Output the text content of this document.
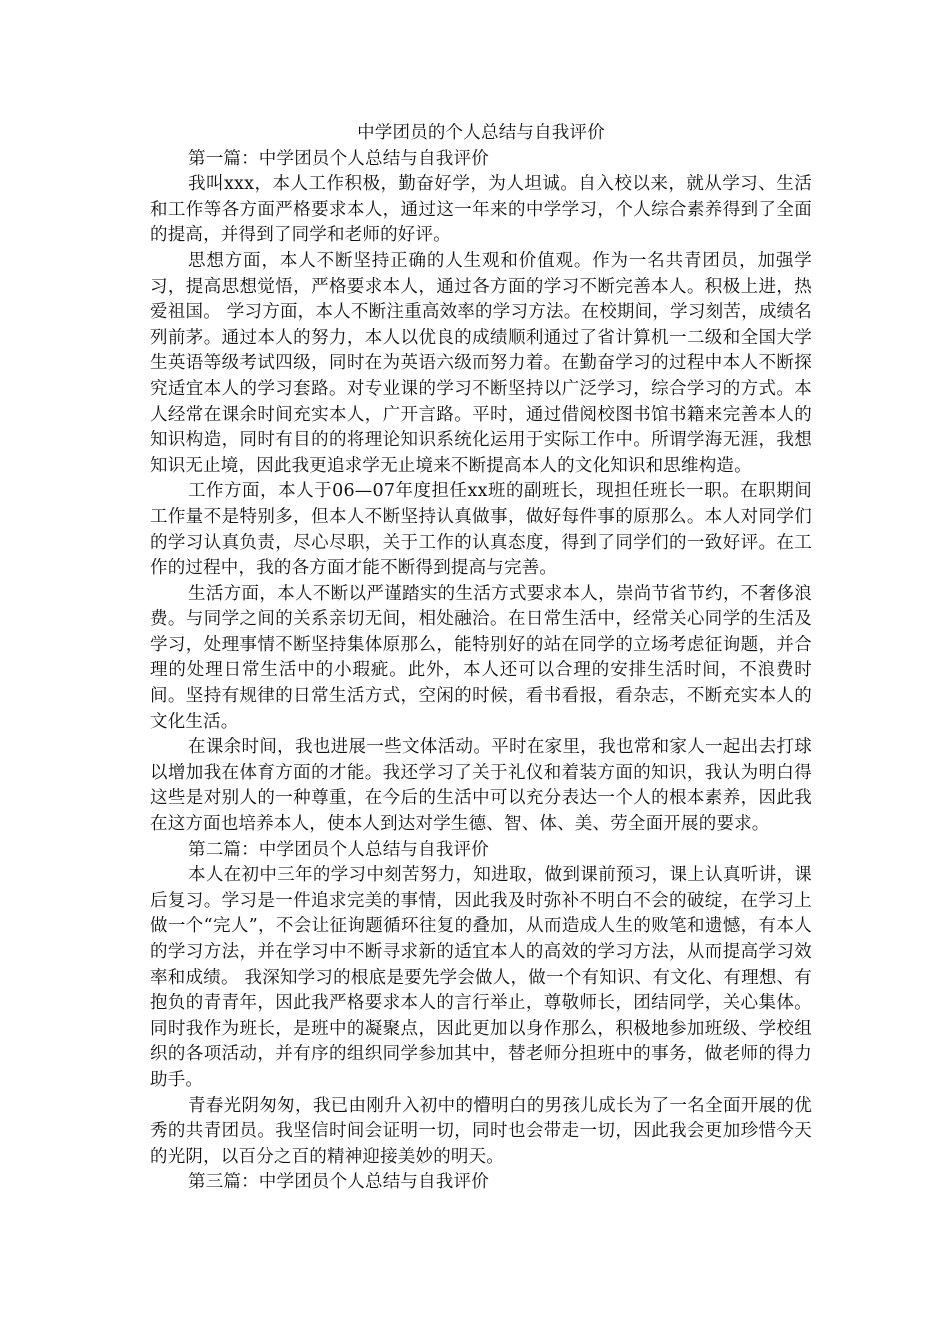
中学团员的个人总结与自我评价
第一篇：中学团员个人总结与自我评价

我叫xxx，本人工作积极，勤奋好学，为人坦诚。自入校以来，就从学习、生活和工作等各方面严格要求本人，通过这一年来的中学学习，个人综合素养得到了全面的提高，并得到了同学和老师的好评。

思想方面，本人不断坚持正确的人生观和价值观。作为一名共青团员，加强学习，提高思想觉悟，严格要求本人，通过各方面的学习不断完善本人。积极上进，热爱祖国。 学习方面，本人不断注重高效率的学习方法。在校期间，学习刻苦，成绩名列前茅。通过本人的努力，本人以优良的成绩顺利通过了省计算机一二级和全国大学生英语等级考试四级，同时在为英语六级而努力着。在勤奋学习的过程中本人不断探究适宜本人的学习套路。对专业课的学习不断坚持以广泛学习，综合学习的方式。本人经常在课余时间充实本人，广开言路。平时，通过借阅校图书馆书籍来完善本人的知识构造，同时有目的的将理论知识系统化运用于实际工作中。所谓学海无涯，我想知识无止境，因此我更追求学无止境来不断提高本人的文化知识和思维构造。

工作方面，本人于06—07年度担任xx班的副班长，现担任班长一职。在职期间工作量不是特别多，但本人不断坚持认真做事，做好每件事的原那么。本人对同学们的学习认真负责，尽心尽职，关于工作的认真态度，得到了同学们的一致好评。在工作的过程中，我的各方面才能不断得到提高与完善。

生活方面，本人不断以严谨踏实的生活方式要求本人，崇尚节省节约，不奢侈浪费。与同学之间的关系亲切无间，相处融洽。在日常生活中，经常关心同学的生活及学习，处理事情不断坚持集体原那么，能特别好的站在同学的立场考虑征询题，并合理的处理日常生活中的小瑕疵。此外，本人还可以合理的安排生活时间，不浪费时间。坚持有规律的日常生活方式，空闲的时候，看书看报，看杂志，不断充实本人的文化生活。

在课余时间，我也进展一些文体活动。平时在家里，我也常和家人一起出去打球以增加我在体育方面的才能。我还学习了关于礼仪和着装方面的知识，我认为明白得这些是对别人的一种尊重，在今后的生活中可以充分表达一个人的根本素养，因此我在这方面也培养本人，使本人到达对学生德、智、体、美、劳全面开展的要求。

第二篇：中学团员个人总结与自我评价

本人在初中三年的学习中刻苦努力，知进取，做到课前预习，课上认真听讲，课后复习。学习是一件追求完美的事情，因此我及时弥补不明白不会的破绽，在学习上做一个“完人”，不会让征询题循环往复的叠加，从而造成人生的败笔和遗憾，有本人的学习方法，并在学习中不断寻求新的适宜本人的高效的学习方法，从而提高学习效率和成绩。 我深知学习的根底是要先学会做人，做一个有知识、有文化、有理想、有抱负的青青年，因此我严格要求本人的言行举止，尊敬师长，团结同学，关心集体。同时我作为班长，是班中的凝聚点，因此更加以身作那么，积极地参加班级、学校组织的各项活动，并有序的组织同学参加其中，替老师分担班中的事务，做老师的得力助手。

青春光阴匆匆，我已由刚升入初中的懵明白的男孩儿成长为了一名全面开展的优秀的共青团员。我坚信时间会证明一切，同时也会带走一切，因此我会更加珍惜今天的光阴，以百分之百的精神迎接美妙的明天。

第三篇：中学团员个人总结与自我评价
